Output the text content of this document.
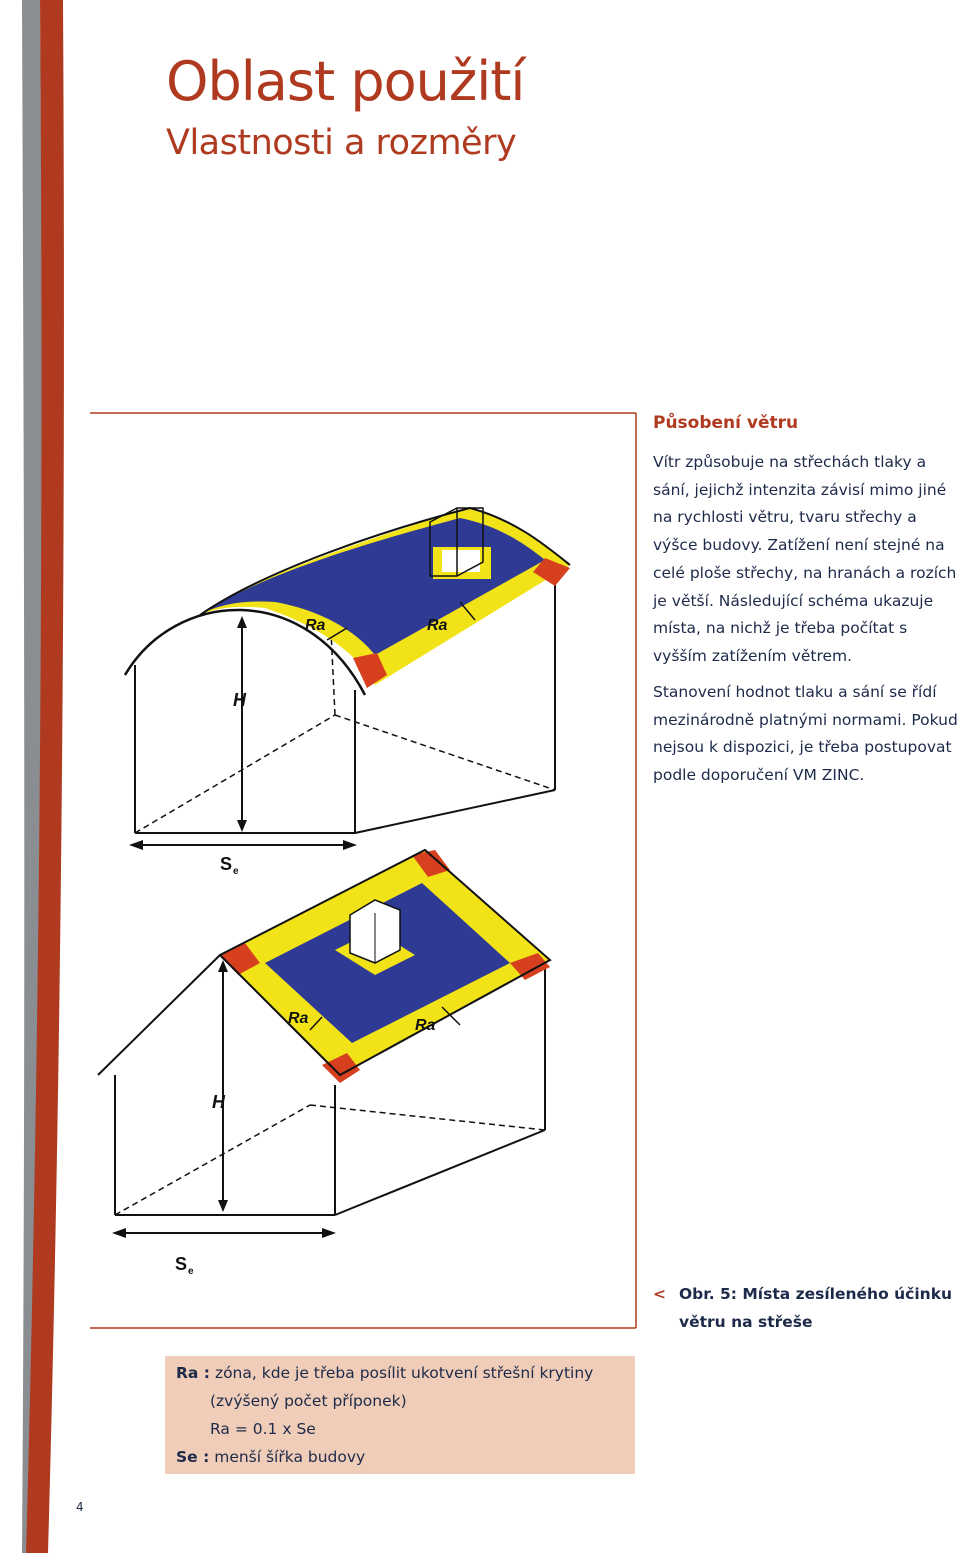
Oblast použití
Vlastnosti a rozměry
H
S e
Ra	Ra
H
S e
Ra	Ra
Působení větru

Vítr způsobuje na střechách tlaky a sání, jejichž intenzita závisí mimo jiné na rychlosti větru, tvaru střechy a výšce budovy. Zatížení není stejné na celé ploše střechy, na hranách a rozích je větší. Následující schéma ukazuje místa, na nichž je třeba počítat s vyšším zatížením větrem.

Stanovení hodnot tlaku a sání se řídí mezinárodně platnými normami. Pokud nejsou k dispozici, je třeba postupovat podle doporučení VM ZINC.

< Obr. 5: Místa zesíleného účinku větru na střeše
Ra : zóna, kde je třeba posílit ukotvení střešní krytiny
(zvýšený počet příponek)
Ra = 0.1 x Se
Se : menší šířka budovy
4
